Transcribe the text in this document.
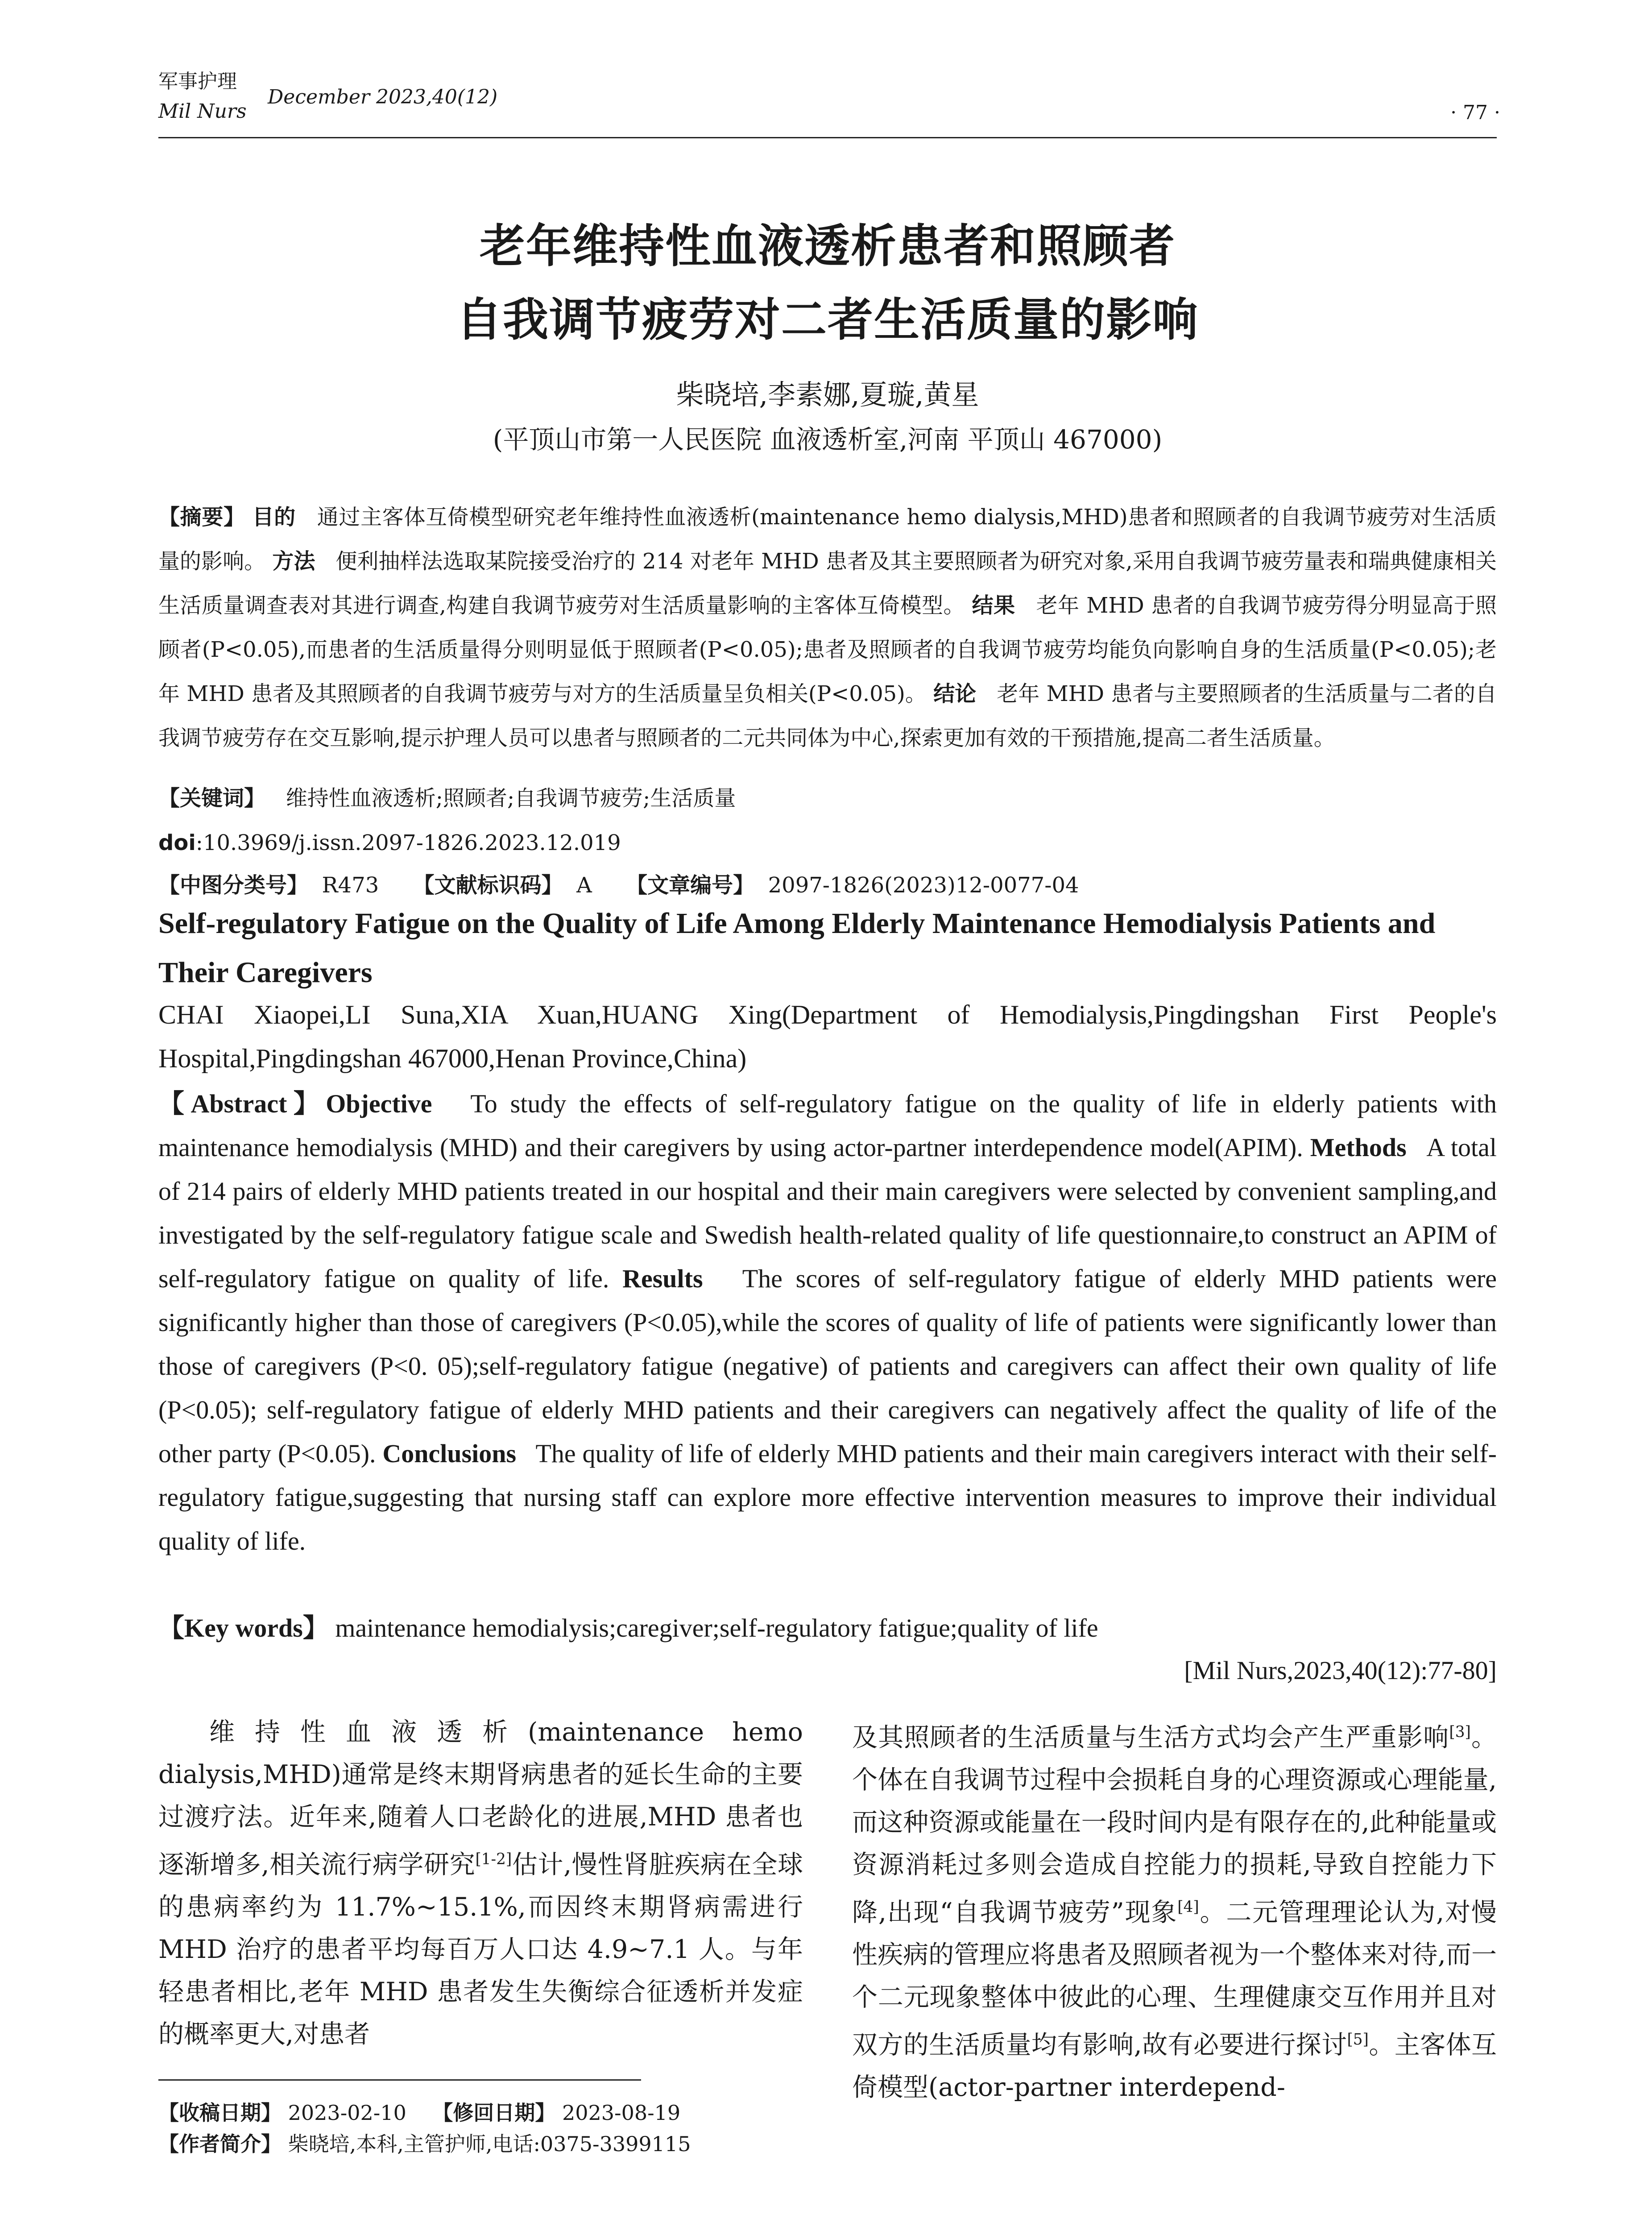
军事护理
Mil Nurs
December 2023,40(12)
· 77 ·
老年维持性血液透析患者和照顾者
自我调节疲劳对二者生活质量的影响
柴晓培,李素娜,夏璇,黄星
(平顶山市第一人民医院 血液透析室,河南 平顶山 467000)
【摘要】 目的 通过主客体互倚模型研究老年维持性血液透析(maintenance hemo dialysis,MHD)患者和照顾者的自我调节疲劳对生活质量的影响。 方法 便利抽样法选取某院接受治疗的 214 对老年 MHD 患者及其主要照顾者为研究对象,采用自我调节疲劳量表和瑞典健康相关生活质量调查表对其进行调查,构建自我调节疲劳对生活质量影响的主客体互倚模型。 结果 老年 MHD 患者的自我调节疲劳得分明显高于照顾者(P<0.05),而患者的生活质量得分则明显低于照顾者(P<0.05);患者及照顾者的自我调节疲劳均能负向影响自身的生活质量(P<0.05);老年 MHD 患者及其照顾者的自我调节疲劳与对方的生活质量呈负相关(P<0.05)。 结论 老年 MHD 患者与主要照顾者的生活质量与二者的自我调节疲劳存在交互影响,提示护理人员可以患者与照顾者的二元共同体为中心,探索更加有效的干预措施,提高二者生活质量。
【关键词】 维持性血液透析;照顾者;自我调节疲劳;生活质量
doi:10.3969/j.issn.2097-1826.2023.12.019
【中图分类号】 R473 【文献标识码】 A 【文章编号】 2097-1826(2023)12-0077-04
Self-regulatory Fatigue on the Quality of Life Among Elderly Maintenance Hemodialysis Patients and Their Caregivers
CHAI Xiaopei,LI Suna,XIA Xuan,HUANG Xing(Department of Hemodialysis,Pingdingshan First People's Hospital,Pingdingshan 467000,Henan Province,China)
【Abstract】Objective To study the effects of self-regulatory fatigue on the quality of life in elderly patients with maintenance hemodialysis (MHD) and their caregivers by using actor-partner interdependence model(APIM). Methods A total of 214 pairs of elderly MHD patients treated in our hospital and their main caregivers were selected by convenient sampling,and investigated by the self-regulatory fatigue scale and Swedish health-related quality of life questionnaire,to construct an APIM of self-regulatory fatigue on quality of life. Results The scores of self-regulatory fatigue of elderly MHD patients were significantly higher than those of caregivers (P<0.05),while the scores of quality of life of patients were significantly lower than those of caregivers (P<0. 05);self-regulatory fatigue (negative) of patients and caregivers can affect their own quality of life (P<0.05); self-regulatory fatigue of elderly MHD patients and their caregivers can negatively affect the quality of life of the other party (P<0.05). Conclusions The quality of life of elderly MHD patients and their main caregivers interact with their self-regulatory fatigue,suggesting that nursing staff can explore more effective intervention measures to improve their individual quality of life.
【Key words】 maintenance hemodialysis;caregiver;self-regulatory fatigue;quality of life
[Mil Nurs,2023,40(12):77-80]
维持性血液透析(maintenance hemo dialysis,MHD)通常是终末期肾病患者的延长生命的主要过渡疗法。近年来,随着人口老龄化的进展,MHD 患者也逐渐增多,相关流行病学研究[1-2]估计,慢性肾脏疾病在全球的患病率约为 11.7%~15.1%,而因终末期肾病需进行 MHD 治疗的患者平均每百万人口达 4.9~7.1 人。与年轻患者相比,老年 MHD 患者发生失衡综合征透析并发症的概率更大,对患者
及其照顾者的生活质量与生活方式均会产生严重影响[3]。个体在自我调节过程中会损耗自身的心理资源或心理能量,而这种资源或能量在一段时间内是有限存在的,此种能量或资源消耗过多则会造成自控能力的损耗,导致自控能力下降,出现“自我调节疲劳”现象[4]。二元管理理论认为,对慢性疾病的管理应将患者及照顾者视为一个整体来对待,而一个二元现象整体中彼此的心理、生理健康交互作用并且对双方的生活质量均有影响,故有必要进行探讨[5]。主客体互倚模型(actor-partner interdepend-
【收稿日期】 2023-02-10 【修回日期】 2023-08-19
【作者简介】 柴晓培,本科,主管护师,电话:0375-3399115
